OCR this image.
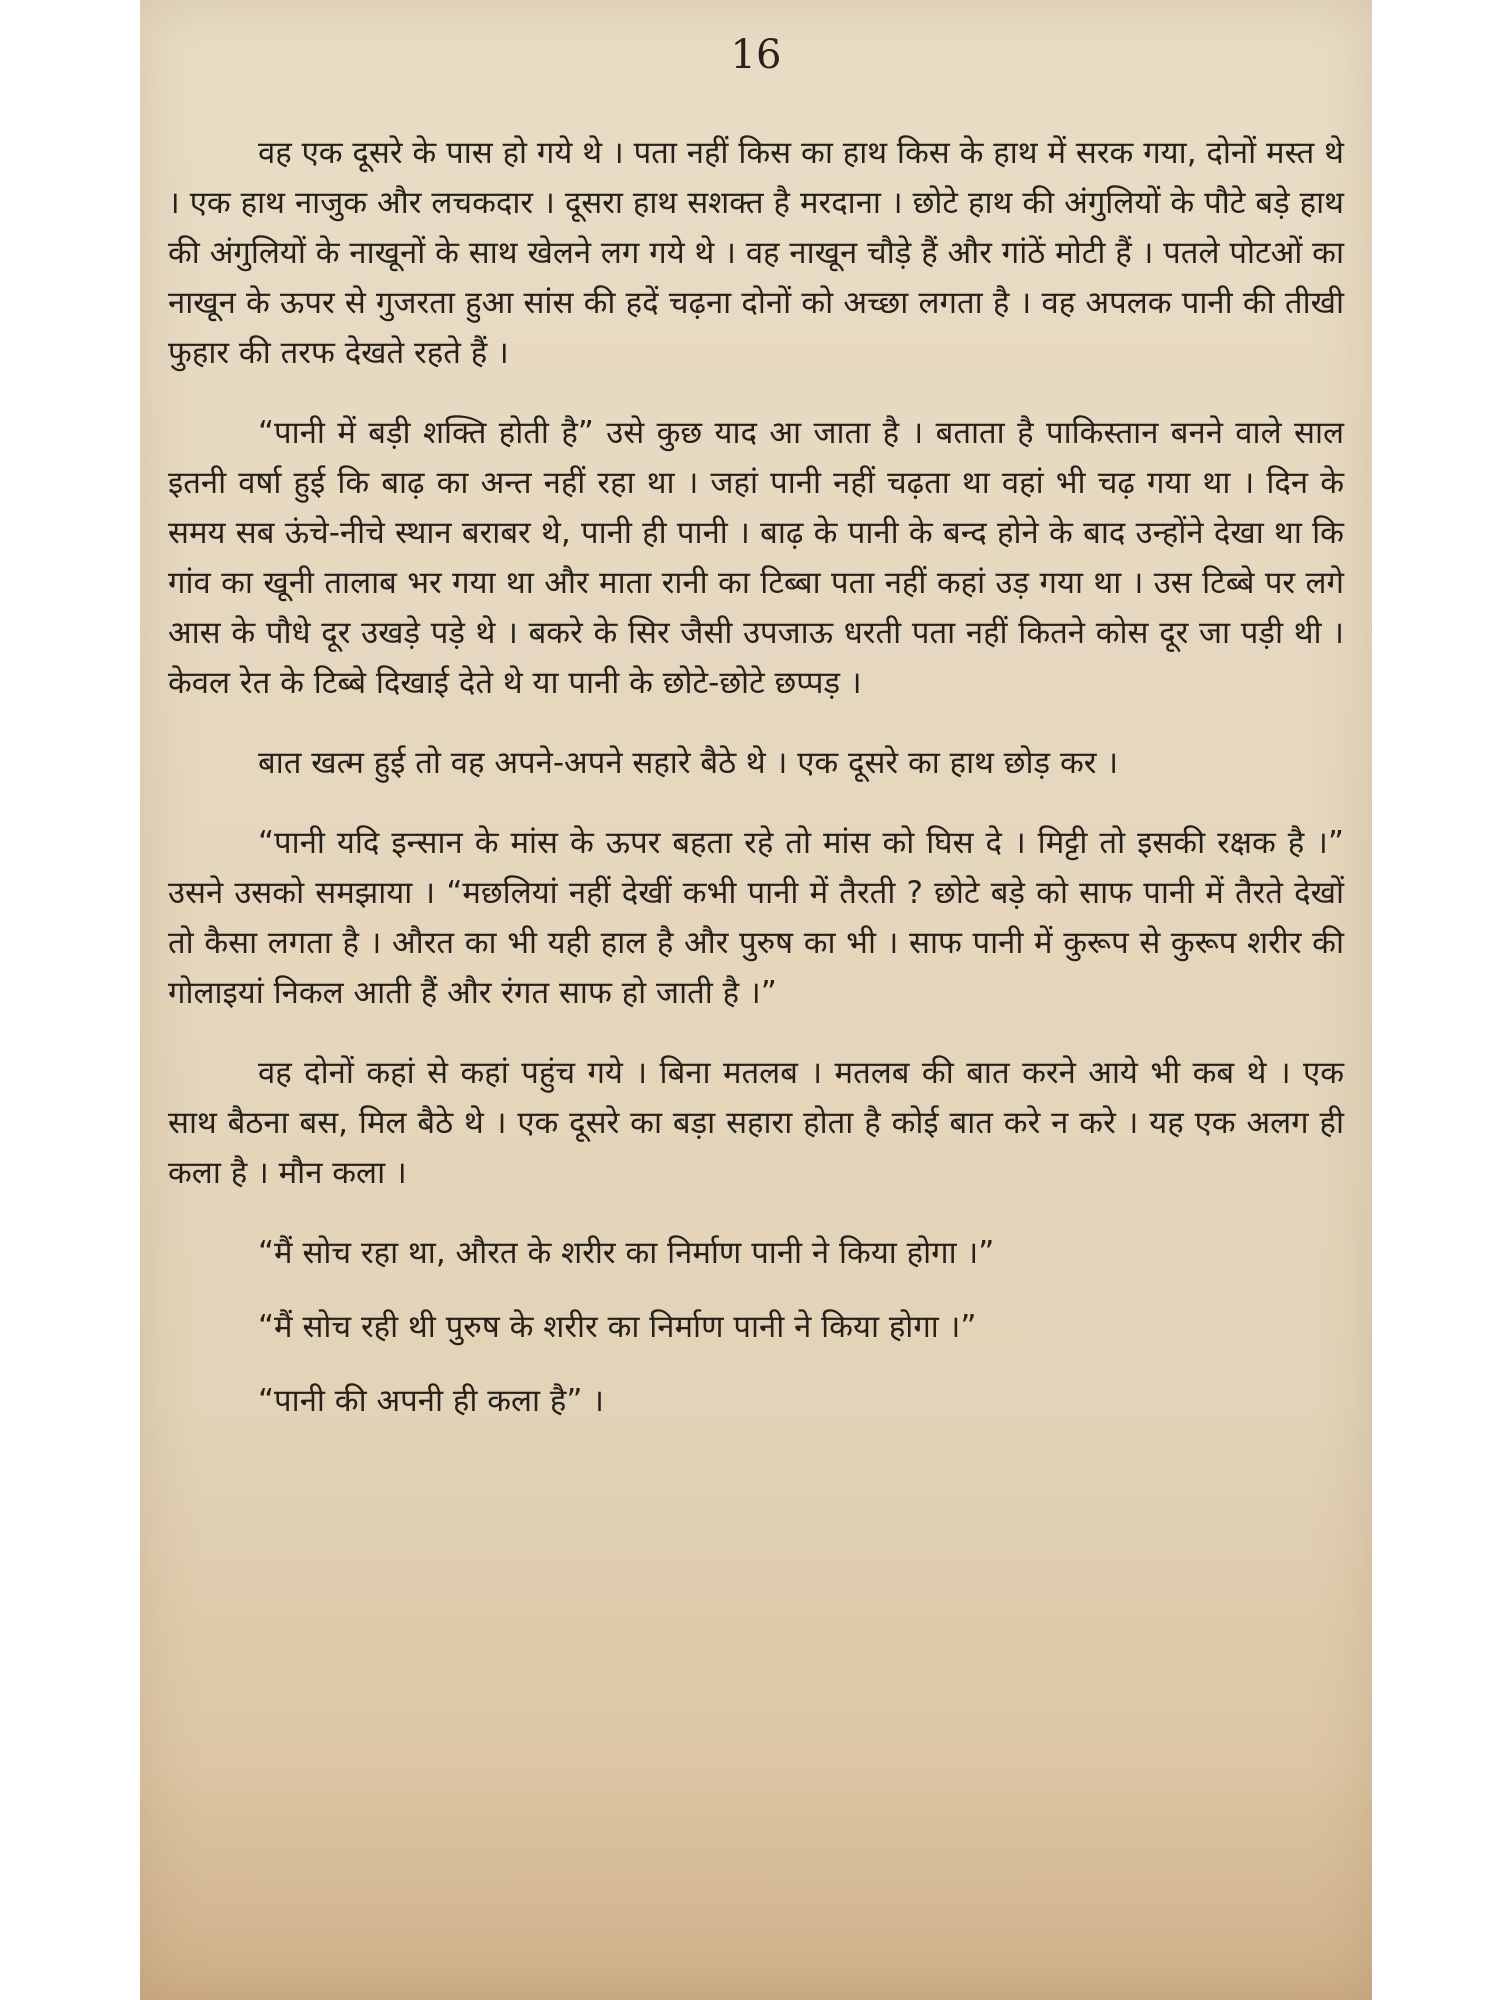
16

वह एक दूसरे के पास हो गये थे । पता नहीं किस का हाथ किस के हाथ में सरक गया, दोनों मस्त थे । एक हाथ नाजुक और लचकदार । दूसरा हाथ सशक्त है मरदाना । छोटे हाथ की अंगुलियों के पौटे बड़े हाथ की अंगुलियों के नाखूनों के साथ खेलने लग गये थे । वह नाखून चौड़े हैं और गांठें मोटी हैं । पतले पोटओं का नाखून के ऊपर से गुजरता हुआ सांस की हदें चढ़ना दोनों को अच्छा लगता है । वह अपलक पानी की तीखी फुहार की तरफ देखते रहते हैं ।

“पानी में बड़ी शक्ति होती है” उसे कुछ याद आ जाता है । बताता है पाकिस्तान बनने वाले साल इतनी वर्षा हुई कि बाढ़ का अन्त नहीं रहा था । जहां पानी नहीं चढ़ता था वहां भी चढ़ गया था । दिन के समय सब ऊंचे-नीचे स्थान बराबर थे, पानी ही पानी । बाढ़ के पानी के बन्द होने के बाद उन्होंने देखा था कि गांव का खूनी तालाब भर गया था और माता रानी का टिब्बा पता नहीं कहां उड़ गया था । उस टिब्बे पर लगे आस के पौधे दूर उखड़े पड़े थे । बकरे के सिर जैसी उपजाऊ धरती पता नहीं कितने कोस दूर जा पड़ी थी । केवल रेत के टिब्बे दिखाई देते थे या पानी के छोटे-छोटे छप्पड़ ।

बात खत्म हुई तो वह अपने-अपने सहारे बैठे थे । एक दूसरे का हाथ छोड़ कर ।

“पानी यदि इन्सान के मांस के ऊपर बहता रहे तो मांस को घिस दे । मिट्टी तो इसकी रक्षक है ।” उसने उसको समझाया । “मछलियां नहीं देखीं कभी पानी में तैरती ? छोटे बड़े को साफ पानी में तैरते देखों तो कैसा लगता है । औरत का भी यही हाल है और पुरुष का भी । साफ पानी में कुरूप से कुरूप शरीर की गोलाइयां निकल आती हैं और रंगत साफ हो जाती है ।”

वह दोनों कहां से कहां पहुंच गये । बिना मतलब । मतलब की बात करने आये भी कब थे । एक साथ बैठना बस, मिल बैठे थे । एक दूसरे का बड़ा सहारा होता है कोई बात करे न करे । यह एक अलग ही कला है । मौन कला ।

“मैं सोच रहा था, औरत के शरीर का निर्माण पानी ने किया होगा ।”

“मैं सोच रही थी पुरुष के शरीर का निर्माण पानी ने किया होगा ।”

“पानी की अपनी ही कला है” ।
